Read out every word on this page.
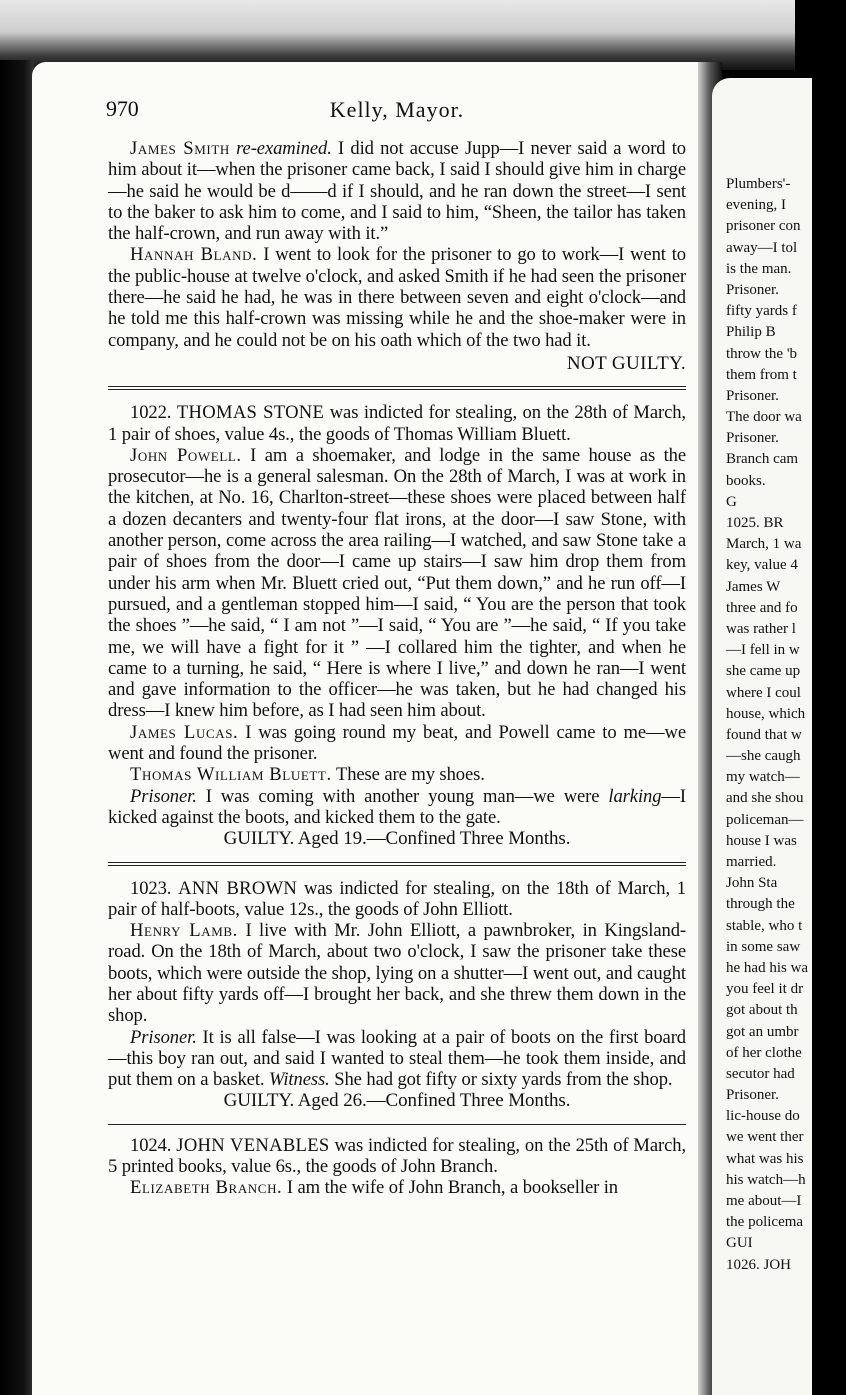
970	Kelly, Mayor.

James Smith re-examined. I did not accuse Jupp—I never said a word to him about it—when the prisoner came back, I said I should give him in charge—he said he would be d——d if I should, and he ran down the street—I sent to the baker to ask him to come, and I said to him, “Sheen, the tailor has taken the half-crown, and run away with it.”

Hannah Bland. I went to look for the prisoner to go to work—I went to the public-house at twelve o'clock, and asked Smith if he had seen the prisoner there—he said he had, he was in there between seven and eight o'clock—and he told me this half-crown was missing while he and the shoe-maker were in company, and he could not be on his oath which of the two had it.

NOT GUILTY.

1022. THOMAS STONE was indicted for stealing, on the 28th of March, 1 pair of shoes, value 4s., the goods of Thomas William Bluett.

John Powell. I am a shoemaker, and lodge in the same house as the prosecutor—he is a general salesman. On the 28th of March, I was at work in the kitchen, at No. 16, Charlton-street—these shoes were placed between half a dozen decanters and twenty-four flat irons, at the door—I saw Stone, with another person, come across the area railing—I watched, and saw Stone take a pair of shoes from the door—I came up stairs—I saw him drop them from under his arm when Mr. Bluett cried out, “Put them down,” and he run off—I pursued, and a gentleman stopped him—I said, “ You are the person that took the shoes ”—he said, “ I am not ”—I said, “ You are ”—he said, “ If you take me, we will have a fight for it ” —I collared him the tighter, and when he came to a turning, he said, “ Here is where I live,” and down he ran—I went and gave information to the officer—he was taken, but he had changed his dress—I knew him before, as I had seen him about.

James Lucas. I was going round my beat, and Powell came to me—we went and found the prisoner.

Thomas William Bluett. These are my shoes.

Prisoner. I was coming with another young man—we were larking—I kicked against the boots, and kicked them to the gate.

GUILTY. Aged 19.—Confined Three Months.

1023. ANN BROWN was indicted for stealing, on the 18th of March, 1 pair of half-boots, value 12s., the goods of John Elliott.

Henry Lamb. I live with Mr. John Elliott, a pawnbroker, in Kingsland-road. On the 18th of March, about two o'clock, I saw the prisoner take these boots, which were outside the shop, lying on a shutter—I went out, and caught her about fifty yards off—I brought her back, and she threw them down in the shop.

Prisoner. It is all false—I was looking at a pair of boots on the first board—this boy ran out, and said I wanted to steal them—he took them inside, and put them on a basket. Witness. She had got fifty or sixty yards from the shop.

GUILTY. Aged 26.—Confined Three Months.

1024. JOHN VENABLES was indicted for stealing, on the 25th of March, 5 printed books, value 6s., the goods of John Branch.

Elizabeth Branch. I am the wife of John Branch, a bookseller in

Plumbers'-
evening, I
prisoner con
away—I tol
is the man.
Prisoner.
fifty yards f
Philip B
throw the 'b
them from t
Prisoner.
The door wa
Prisoner.
Branch cam
books.
G
1025. BR
March, 1 wa
key, value 4
James W
three and fo
was rather l
—I fell in w
she came up
where I coul
house, which
found that w
—she caugh
my watch—
and she shou
policeman—
house I was
married.
John Sta
through the
stable, who t
in some saw
he had his wa
you feel it dr
got about th
got an umbr
of her clothe
secutor had
Prisoner.
lic-house do
we went ther
what was his
his watch—h
me about—I
the policema
GUI
1026. JOH
